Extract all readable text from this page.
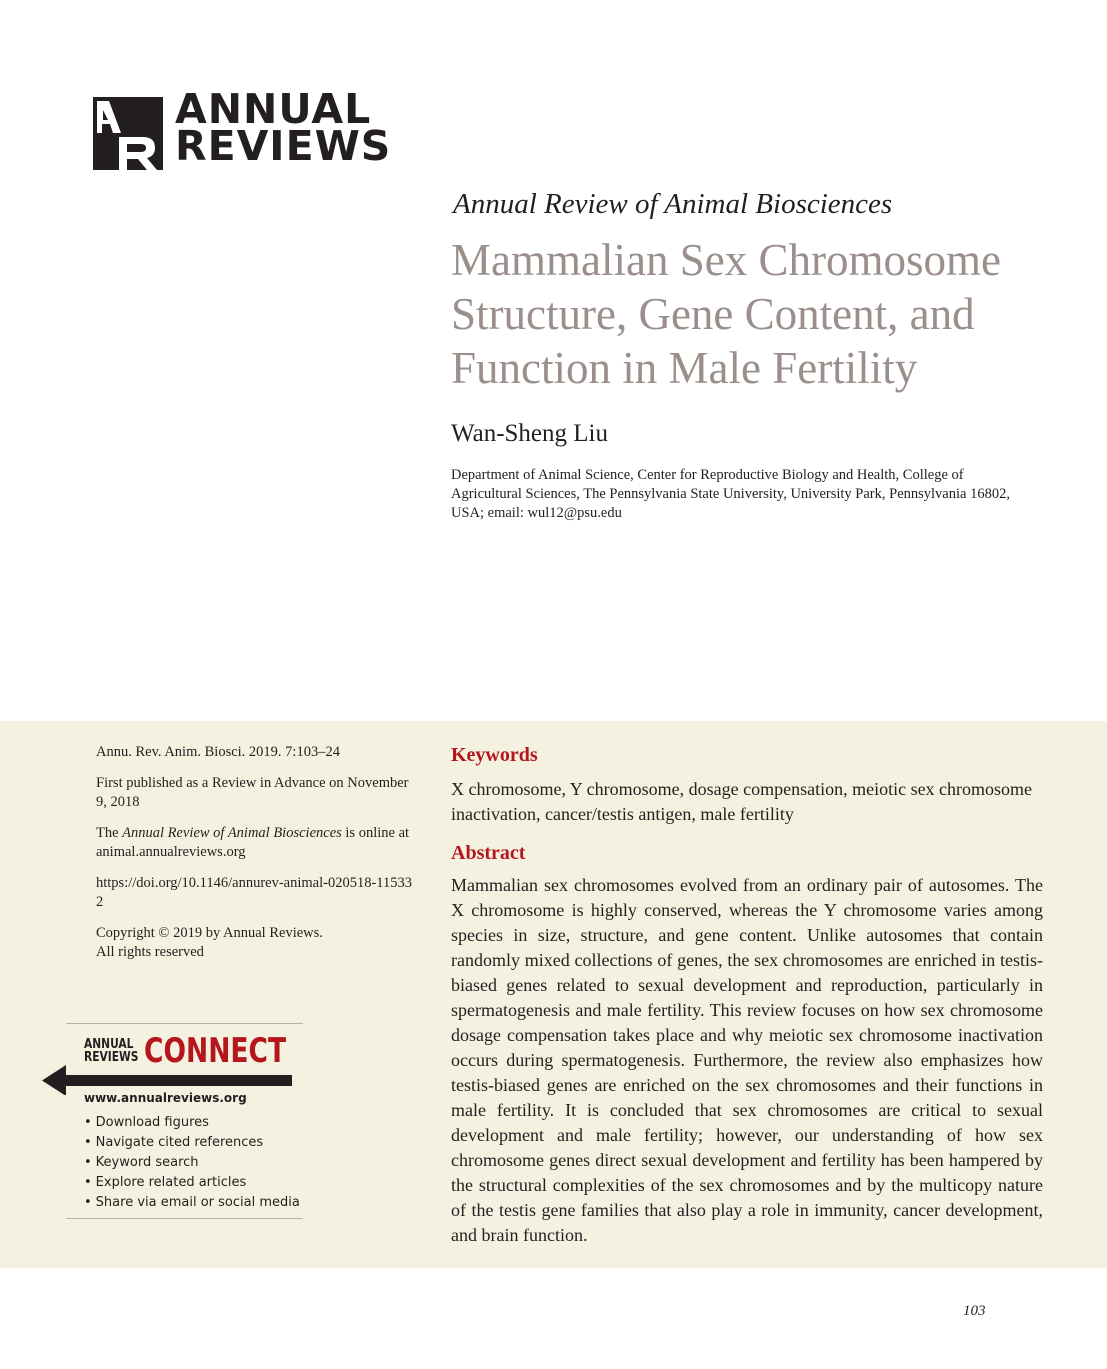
ANNUAL
REVIEWS
Annual Review of Animal Biosciences
Mammalian Sex Chromosome Structure, Gene Content, and Function in Male Fertility
Wan-Sheng Liu
Department of Animal Science, Center for Reproductive Biology and Health, College of Agricultural Sciences, The Pennsylvania State University, University Park, Pennsylvania 16802, USA; email: wul12@psu.edu

Annu. Rev. Anim. Biosci. 2019. 7:103–24

First published as a Review in Advance on November 9, 2018

The Annual Review of Animal Biosciences is online at animal.annualreviews.org

https://doi.org/10.1146/annurev-animal-020518-115332

Copyright © 2019 by Annual Reviews.
All rights reserved

ANNUAL
REVIEWS CONNECT
www.annualreviews.org
• Download figures
• Navigate cited references
• Keyword search
• Explore related articles
• Share via email or social media
Keywords
X chromosome, Y chromosome, dosage compensation, meiotic sex chromosome inactivation, cancer/testis antigen, male fertility
Abstract
Mammalian sex chromosomes evolved from an ordinary pair of autosomes. The X chromosome is highly conserved, whereas the Y chromosome varies among species in size, structure, and gene content. Unlike autosomes that contain randomly mixed collections of genes, the sex chromosomes are enriched in testis-biased genes related to sexual development and reproduction, particularly in spermatogenesis and male fertility. This review focuses on how sex chromosome dosage compensation takes place and why meiotic sex chromosome inactivation occurs during spermatogenesis. Furthermore, the review also emphasizes how testis-biased genes are enriched on the sex chromosomes and their functions in male fertility. It is concluded that sex chromosomes are critical to sexual development and male fertility; however, our understanding of how sex chromosome genes direct sexual development and fertility has been hampered by the structural complexities of the sex chromosomes and by the multicopy nature of the testis gene families that also play a role in immunity, cancer development, and brain function.
103
